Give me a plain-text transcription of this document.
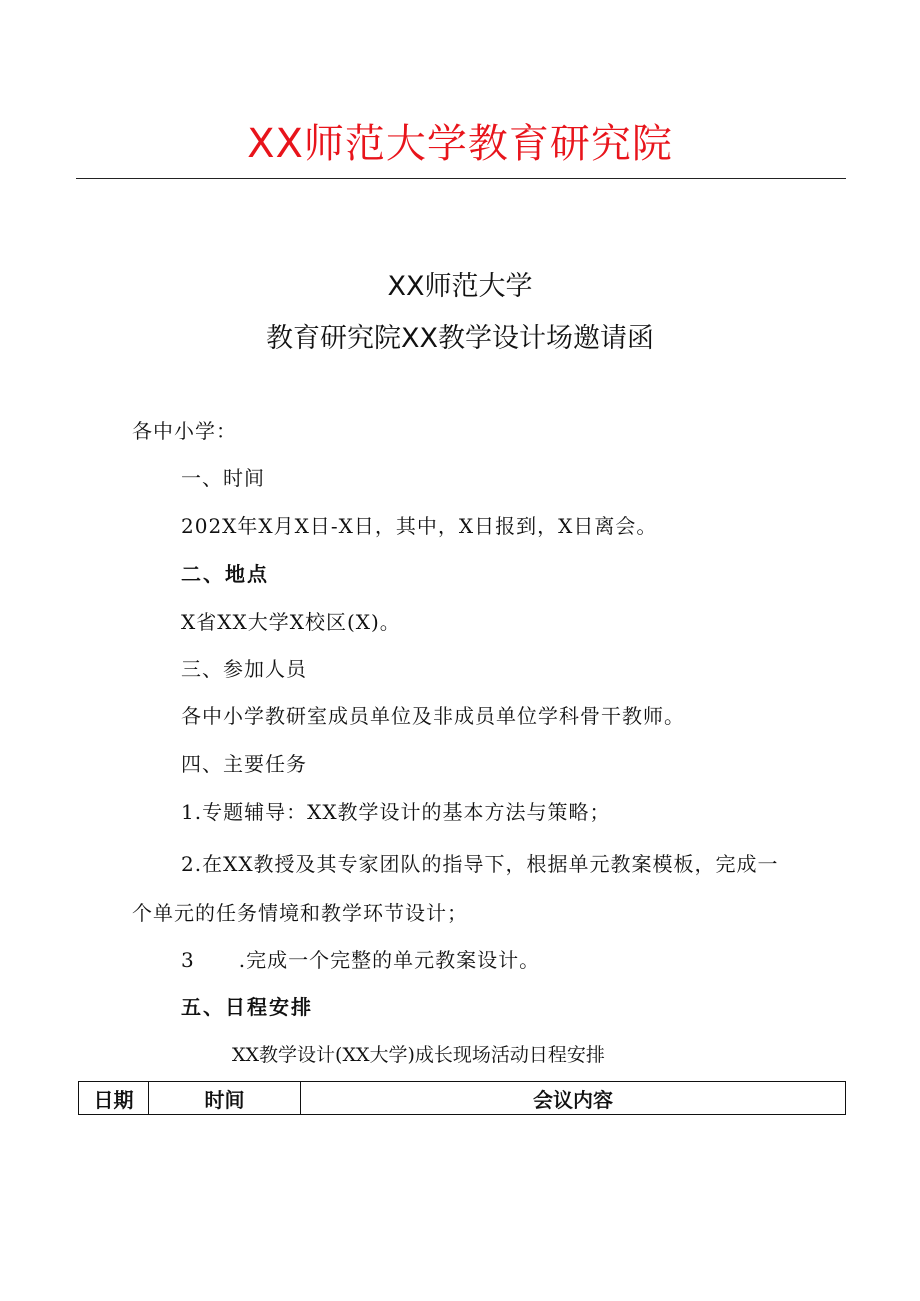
XX师范大学教育研究院
XX师范大学
教育研究院XX教学设计场邀请函
各中小学：
一、时间
202X年X月X日-X日，其中，X日报到，X日离会。
二、地点
X省XX大学X校区(X)。
三、参加人员
各中小学教研室成员单位及非成员单位学科骨干教师。
四、主要任务
1.专题辅导：XX教学设计的基本方法与策略；
2.在XX教授及其专家团队的指导下，根据单元教案模板，完成一
个单元的任务情境和教学环节设计；
3 .完成一个完整的单元教案设计。
五、日程安排
XX教学设计(XX大学)成长现场活动日程安排
日期	时间	会议内容
